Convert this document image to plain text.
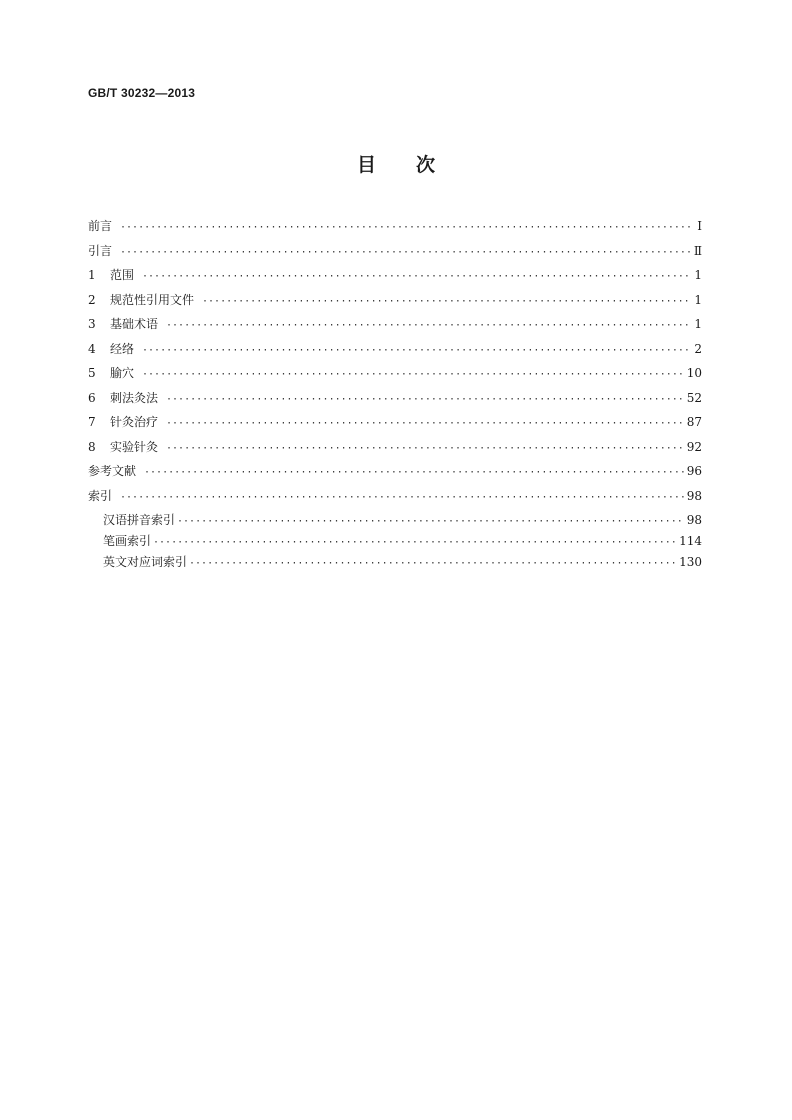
GB/T 30232—2013
目 次
前言 ·····	Ⅰ
引言 ·····	Ⅱ
1	范围 ·····	1
2	规范性引用文件 ·····	1
3	基础术语 ·····	1
4	经络 ·····	2
5	腧穴 ·····	10
6	刺法灸法 ·····	52
7	针灸治疗 ·····	87
8	实验针灸 ·····	92
参考文献 ·····	96
索引 ·····	98
汉语拼音索引 ·····	98
笔画索引 ·····	114
英文对应词索引 ·····	130
